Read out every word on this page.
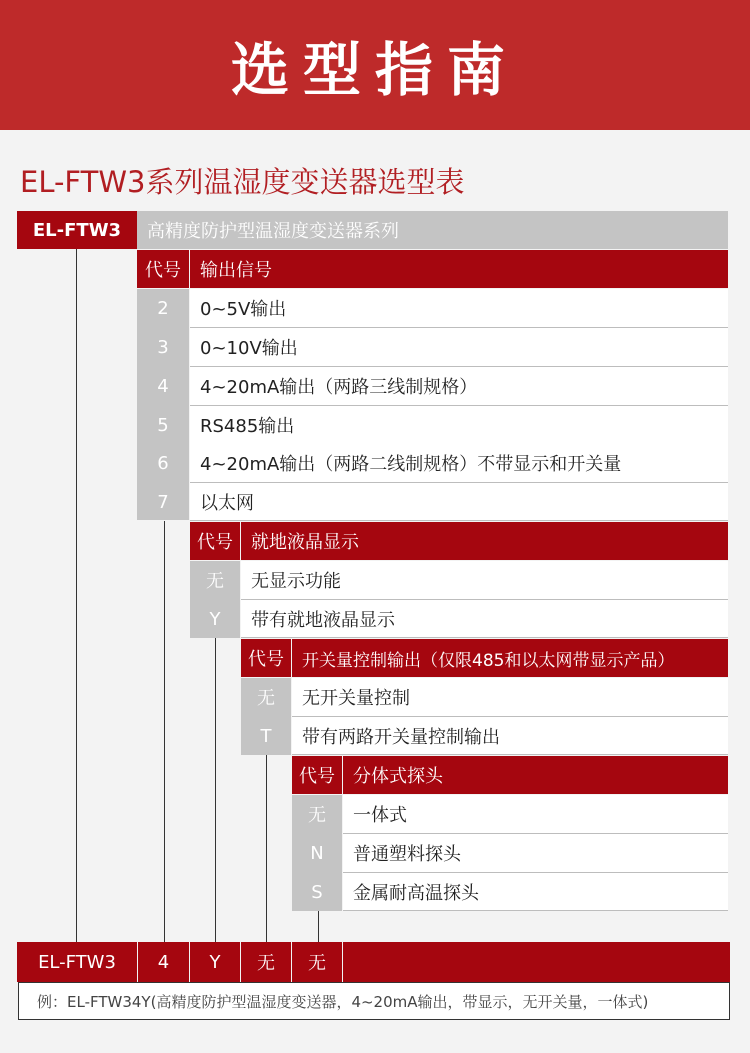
选型指南
EL-FTW3系列温湿度变送器选型表
EL-FTW3	高精度防护型温湿度变送器系列
代号	输出信号
2	0~5V输出
3	0~10V输出
4	4~20mA输出（两路三线制规格）
5	RS485输出
6	4~20mA输出（两路二线制规格）不带显示和开关量
7	以太网
代号	就地液晶显示
无	无显示功能
Y	带有就地液晶显示
代号	开关量控制输出（仅限485和以太网带显示产品）
无	无开关量控制
T	带有两路开关量控制输出
代号	分体式探头
无	一体式
N	普通塑料探头
S	金属耐高温探头
EL-FTW3	4	Y	无	无
例：EL-FTW34Y(高精度防护型温湿度变送器，4~20mA输出，带显示，无开关量，一体式)
